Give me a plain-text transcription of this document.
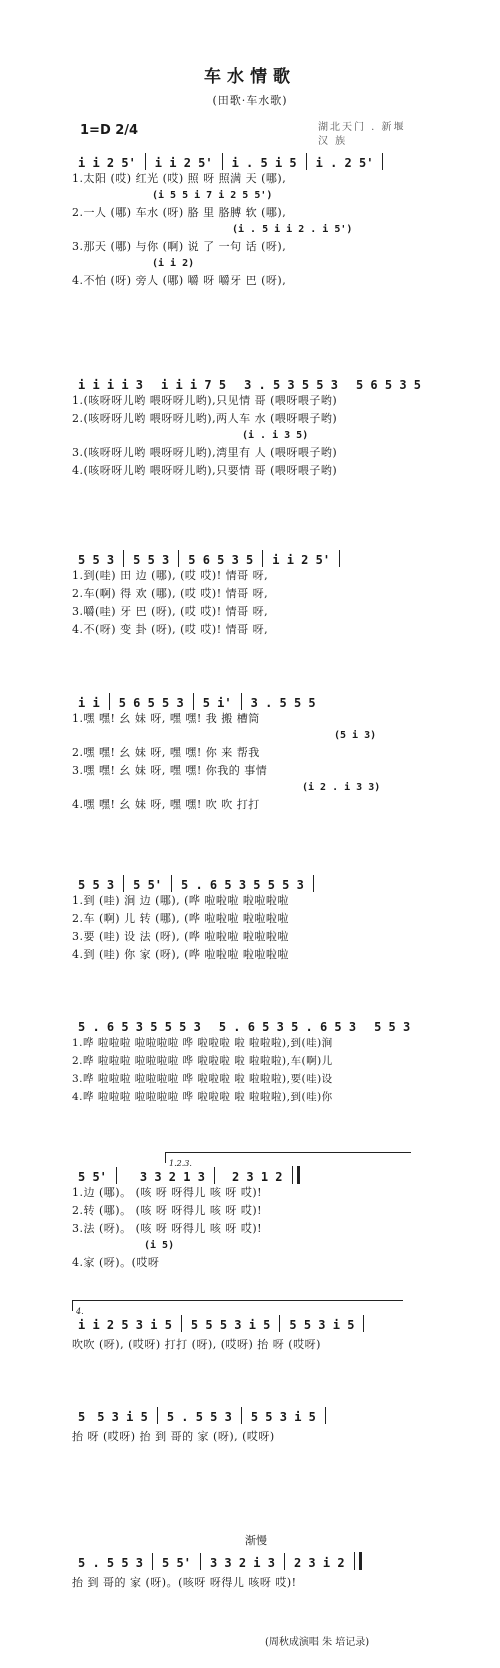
车水情歌
(田歌·车水歌)
1=D 2/4	湖北天门 . 新堰
汉 族
i i 2 5'	i i 2 5'	i . 5 i 5	i . 2 5'
1.太阳 (哎) 红光 (哎) 照 呀 照满 天 (哪),
(i 5 5 i 7 i 2 5 5')
2.一人 (哪) 车水 (呀) 胳 里 胳膊 软 (哪),
(i . 5 i i 2 . i 5')
3.那天 (哪) 与你 (啊) 说 了 一句 话 (呀),
(i i 2)
4.不怕 (呀) 旁人 (哪) 嚼 呀 嚼牙 巴 (呀),
i i i i 3	i i i 7 5	3 . 5 3 5 5 3	5 6 5 3 5
1.(咳呀呀儿哟 喂呀呀儿哟),只见情 哥 (喂呀喂子哟)
2.(咳呀呀儿哟 喂呀呀儿哟),两人车 水 (喂呀喂子哟)
(i . i 3 5)
3.(咳呀呀儿哟 喂呀呀儿哟),湾里有 人 (喂呀喂子哟)
4.(咳呀呀儿哟 喂呀呀儿哟),只要情 哥 (喂呀喂子哟)
5 5 3	5 5 3	5 6 5 3 5	i i 2 5'
1.到(哇) 田 边 (哪), (哎 哎)! 情哥 呀,
2.车(啊) 得 欢 (哪), (哎 哎)! 情哥 呀,
3.嚼(哇) 牙 巴 (呀), (哎 哎)! 情哥 呀,
4.不(呀) 变 卦 (呀), (哎 哎)! 情哥 呀,
i i	5 6 5 5 3	5 i'	3 . 5 5 5
1.嘿 嘿! 幺 妹 呀, 嘿 嘿! 我 搬 槽筒
(5 i 3)
2.嘿 嘿! 幺 妹 呀, 嘿 嘿! 你 来 帮我
3.嘿 嘿! 幺 妹 呀, 嘿 嘿! 你我的 事情
(i 2 . i 3 3)
4.嘿 嘿! 幺 妹 呀, 嘿 嘿! 吹 吹 打打
5 5 3	5 5'	5 . 6 5 3 5 5 5 3
1.到 (哇) 涧 边 (哪), (哗 啦啦啦 啦啦啦啦
2.车 (啊) 儿 转 (哪), (哗 啦啦啦 啦啦啦啦
3.要 (哇) 设 法 (呀), (哗 啦啦啦 啦啦啦啦
4.到 (哇) 你 家 (呀), (哗 啦啦啦 啦啦啦啦
5 . 6 5 3 5 5 5 3	5 . 6 5 3 5 . 6 5 3	5 5 3
1.哗 啦啦啦 啦啦啦啦 哗 啦啦啦 啦 啦啦啦),到(哇)涧
2.哗 啦啦啦 啦啦啦啦 哗 啦啦啦 啦 啦啦啦),车(啊)儿
3.哗 啦啦啦 啦啦啦啦 哗 啦啦啦 啦 啦啦啦),要(哇)设
4.哗 啦啦啦 啦啦啦啦 哗 啦啦啦 啦 啦啦啦),到(哇)你
1.2.3.
5 5'	3 3 2 1 3	2 3 1 2
1.边 (哪)。 (咳 呀 呀得儿 咳 呀 哎)!
2.转 (哪)。 (咳 呀 呀得儿 咳 呀 哎)!
3.法 (呀)。 (咳 呀 呀得儿 咳 呀 哎)!
(i 5)
4.家 (呀)。(哎呀
4.
i i 2 5 3 i 5	5 5 5 3 i 5	5 5 3 i 5
吹吹 (呀), (哎呀) 打打 (呀), (哎呀) 抬 呀 (哎呀)
5	5 3 i 5	5 . 5 5 3	5 5 3 i 5
抬 呀 (哎呀) 抬 到 哥的 家 (呀), (哎呀)
渐慢
5 . 5 5 3	5 5'	3 3 2 i 3	2 3 i 2
抬 到 哥的 家 (呀)。(咳呀 呀得儿 咳呀 哎)!
(周秋成演唱 朱 培记录)
